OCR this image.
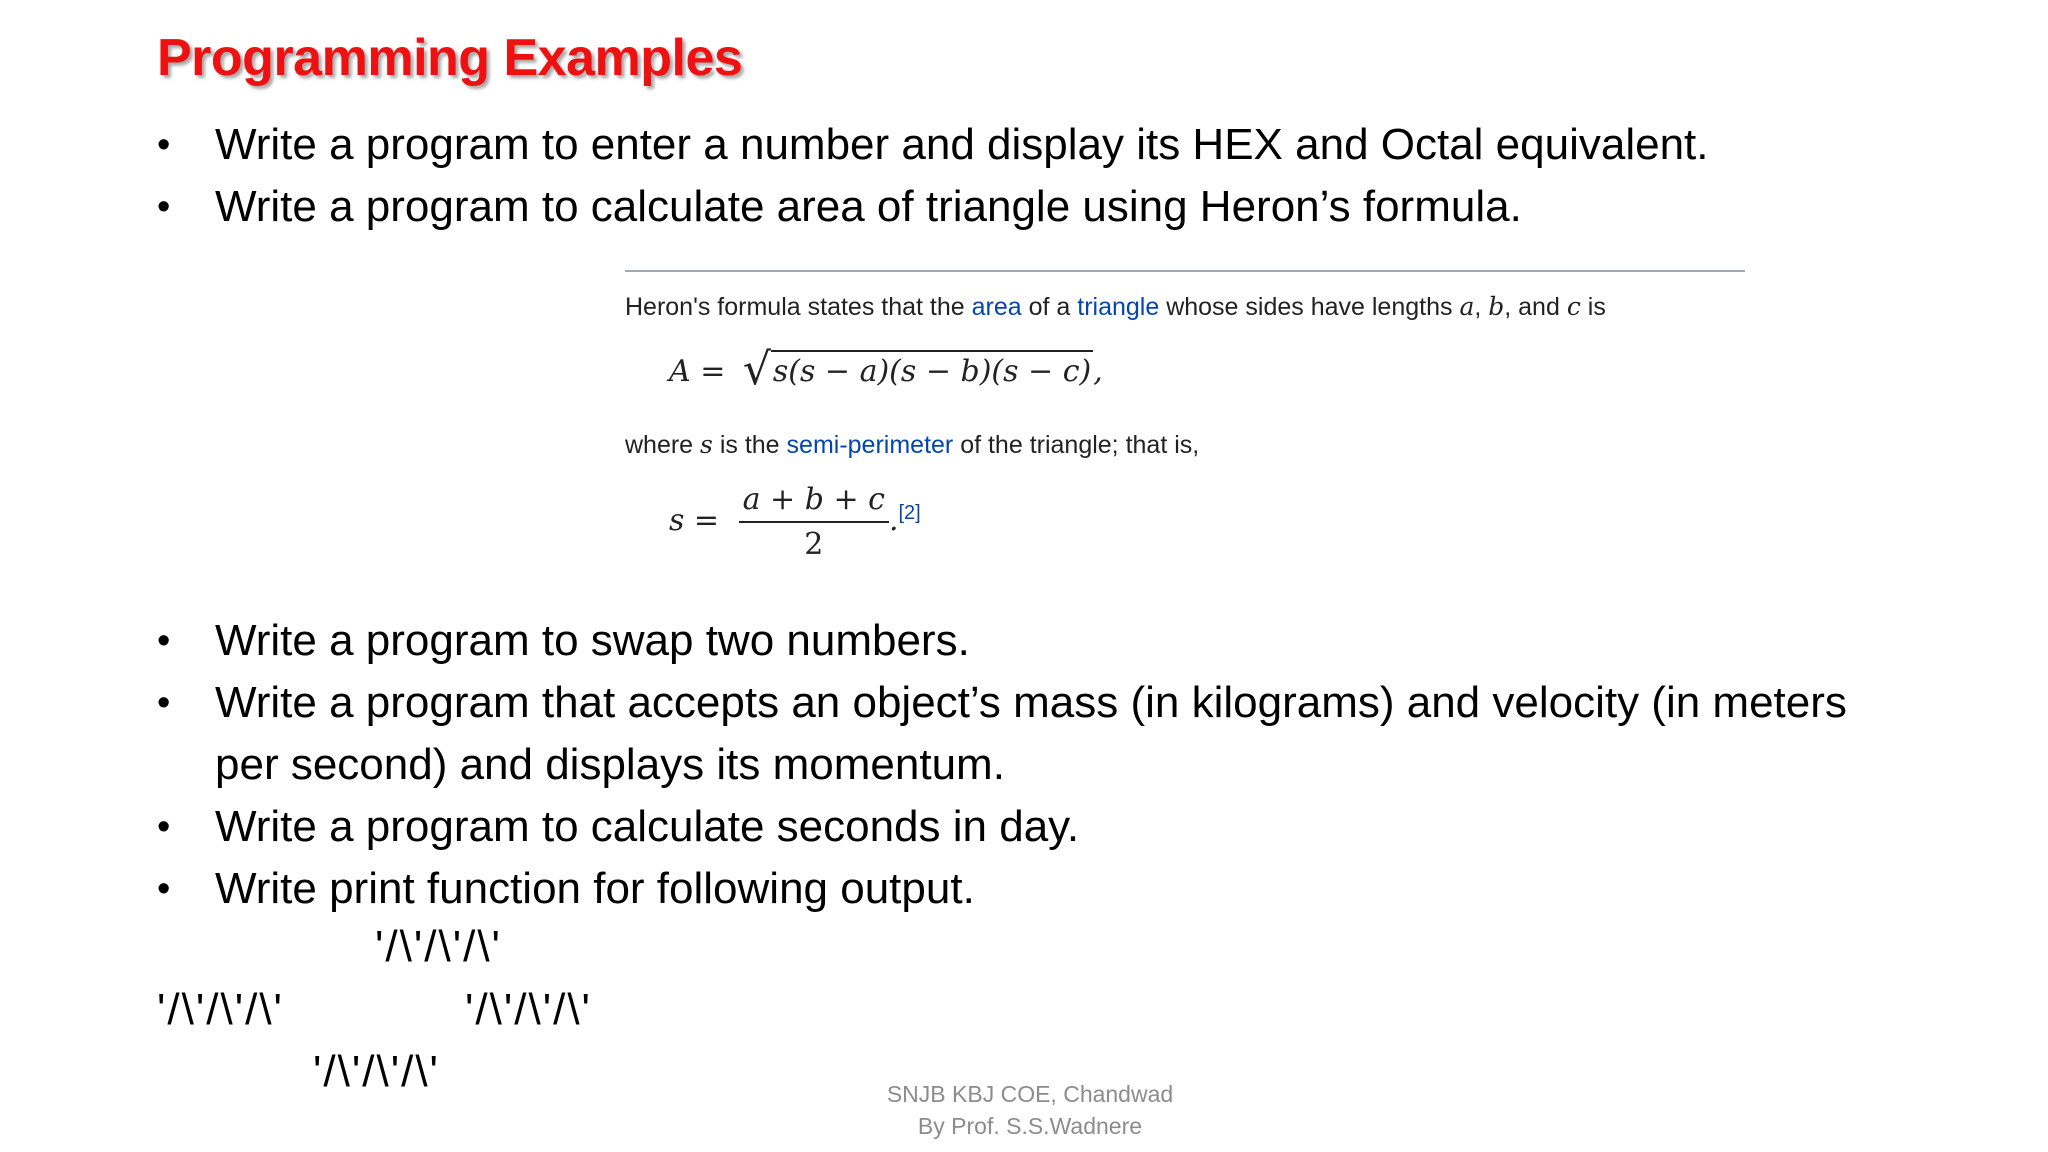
Programming Examples
• Write a program to enter a number and display its HEX and Octal equivalent.
• Write a program to calculate area of triangle using Heron’s formula.
Heron's formula states that the area of a triangle whose sides have lengths a, b, and c is
A = √ s(s − a)(s − b)(s − c),
where s is the semi-perimeter of the triangle; that is,
$s = \frac{a + b + c}{2} .[2]$
• Write a program to swap two numbers.
• Write a program that accepts an object’s mass (in kilograms) and velocity (in meters per second) and displays its momentum.
• Write a program to calculate seconds in day.
• Write print function for following output.
'/\'/\'/\'
'/\'/\'/\'	'/\'/\'/\'
'/\'/\'/\'	SNJB KBJ COE, Chandwad
By Prof. S.S.Wadnere
